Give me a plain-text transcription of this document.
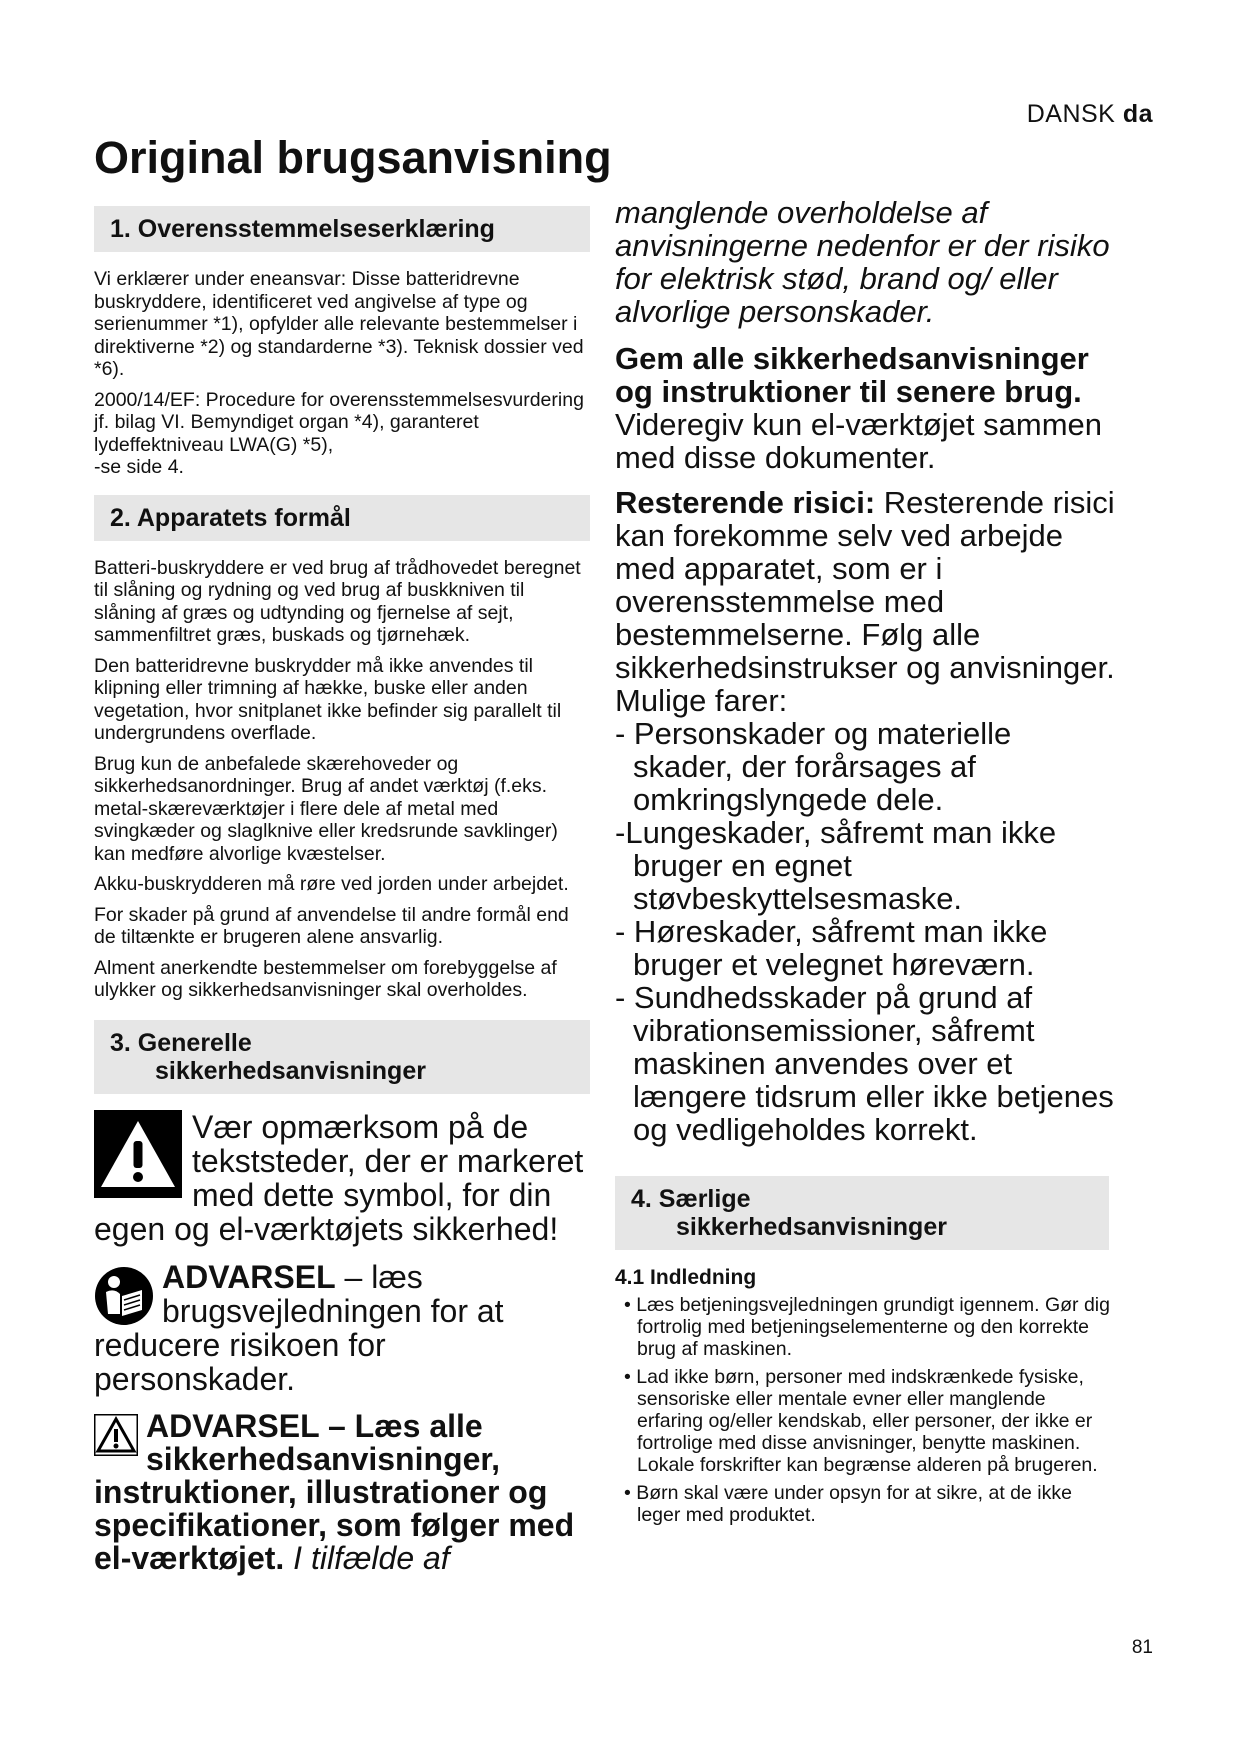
DANSK da
Original brugsanvisning
1. Overensstemmelseserklæring

Vi erklærer under eneansvar: Disse batteridrevne buskryddere, identificeret ved angivelse af type og serienummer *1), opfylder alle relevante bestemmelser i direktiverne *2) og standarderne *3). Teknisk dossier ved *6).

2000/14/EF: Procedure for overensstemmelsesvurdering jf. bilag VI. Bemyndiget organ *4), garanteret lydeffektniveau LWA(G) *5),

-se side 4.

2. Apparatets formål

Batteri-buskryddere er ved brug af trådhovedet beregnet til slåning og rydning og ved brug af buskkniven til slåning af græs og udtynding og fjernelse af sejt, sammenfiltret græs, buskads og tjørnehæk.

Den batteridrevne buskrydder må ikke anvendes til klipning eller trimning af hække, buske eller anden vegetation, hvor snitplanet ikke befinder sig parallelt til undergrundens overflade.

Brug kun de anbefalede skærehoveder og sikkerhedsanordninger. Brug af andet værktøj (f.eks. metal-skæreværktøjer i flere dele af metal med svingkæder og slaglknive eller kredsrunde savklinger) kan medføre alvorlige kvæstelser.

Akku-buskrydderen må røre ved jorden under arbejdet.

For skader på grund af anvendelse til andre formål end de tiltænkte er brugeren alene ansvarlig.

Alment anerkendte bestemmelser om forebyggelse af ulykker og sikkerhedsanvisninger skal overholdes.

3. Generelle
sikkerhedsanvisninger
Vær opmærksom på de tekststeder, der er markeret med dette symbol, for din egen og el-værktøjets sikkerhed!
ADVARSEL – læs brugsvejledningen for at reducere risikoen for personskader.
ADVARSEL – Læs alle sikkerhedsanvisninger, instruktioner, illustrationer og specifikationer, som følger med el-værktøjet. I tilfælde af

manglende overholdelse af anvisningerne nedenfor er der risiko for elektrisk stød, brand og/ eller alvorlige personskader.

Gem alle sikkerhedsanvisninger og instruktioner til senere brug. Videregiv kun el-værktøjet sammen med disse dokumenter.

Resterende risici: Resterende risici kan forekomme selv ved arbejde med apparatet, som er i overensstemmelse med bestemmelserne. Følg alle sikkerhedsinstrukser og anvisninger.

Mulige farer:
- Personskader og materielle skader, der forårsages af omkringslyngede dele.
-Lungeskader, såfremt man ikke bruger en egnet støvbeskyttelsesmaske.
- Høreskader, såfremt man ikke bruger et velegnet høreværn.
- Sundhedsskader på grund af vibrationsemissioner, såfremt maskinen anvendes over et længere tidsrum eller ikke betjenes og vedligeholdes korrekt.
4. Særlige
sikkerhedsanvisninger
4.1 Indledning
• Læs betjeningsvejledningen grundigt igennem. Gør dig fortrolig med betjeningselementerne og den korrekte brug af maskinen.
• Lad ikke børn, personer med indskrænkede fysiske, sensoriske eller mentale evner eller manglende erfaring og/eller kendskab, eller personer, der ikke er fortrolige med disse anvisninger, benytte maskinen. Lokale forskrifter kan begrænse alderen på brugeren.
• Børn skal være under opsyn for at sikre, at de ikke leger med produktet.
81
